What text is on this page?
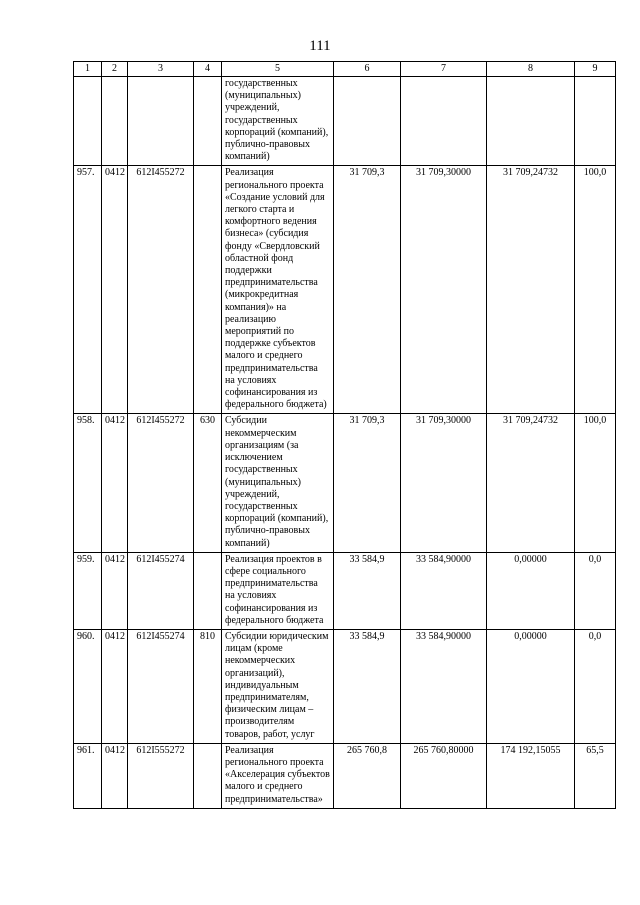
111
1	2	3	4	5	6	7	8	9
				государственных (муниципальных) учреждений, государственных корпораций (компаний), публично-правовых компаний)				
957.	0412	612I455272		Реализация регионального проекта «Создание условий для легкого старта и комфортного ведения бизнеса» (субсидия фонду «Свердловский областной фонд поддержки предпринимательства (микрокредитная компания)» на реализацию мероприятий по поддержке субъектов малого и среднего предпринимательства на условиях софинансирования из федерального бюджета)	31 709,3	31 709,30000	31 709,24732	100,0
958.	0412	612I455272	630	Субсидии некоммерческим организациям (за исключением государственных (муниципальных) учреждений, государственных корпораций (компаний), публично-правовых компаний)	31 709,3	31 709,30000	31 709,24732	100,0
959.	0412	612I455274		Реализация проектов в сфере социального предпринимательства на условиях софинансирования из федерального бюджета	33 584,9	33 584,90000	0,00000	0,0
960.	0412	612I455274	810	Субсидии юридическим лицам (кроме некоммерческих организаций), индивидуальным предпринимателям, физическим лицам – производителям товаров, работ, услуг	33 584,9	33 584,90000	0,00000	0,0
961.	0412	612I555272		Реализация регионального проекта «Акселерация субъектов малого и среднего предпринимательства»	265 760,8	265 760,80000	174 192,15055	65,5
